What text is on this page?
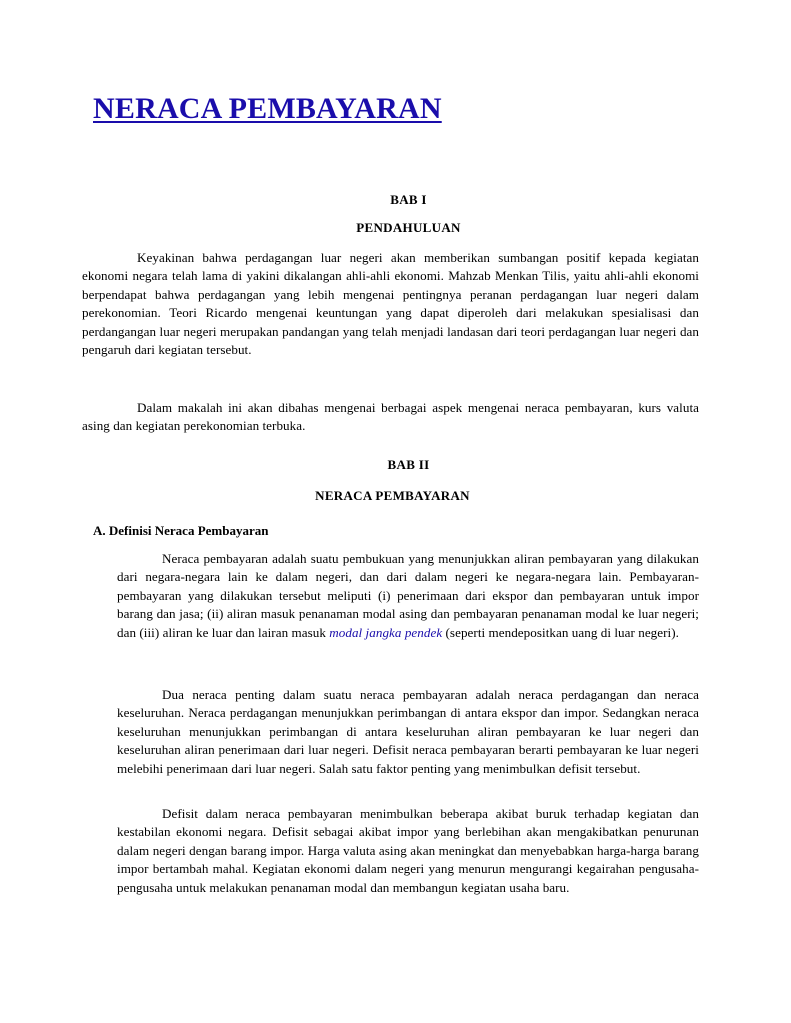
NERACA PEMBAYARAN
BAB I
PENDAHULUAN

Keyakinan bahwa perdagangan luar negeri akan memberikan sumbangan positif kepada kegiatan ekonomi negara telah lama di yakini dikalangan ahli-ahli ekonomi. Mahzab Menkan Tilis, yaitu ahli-ahli ekonomi berpendapat bahwa perdagangan yang lebih mengenai pentingnya peranan perdagangan luar negeri dalam perekonomian. Teori Ricardo mengenai keuntungan yang dapat diperoleh dari melakukan spesialisasi dan perdangangan luar negeri merupakan pandangan yang telah menjadi landasan dari teori perdagangan luar negeri dan pengaruh dari kegiatan tersebut.

Dalam makalah ini akan dibahas mengenai berbagai aspek mengenai neraca pembayaran, kurs valuta asing dan kegiatan perekonomian terbuka.

BAB II
NERACA PEMBAYARAN
A. Definisi Neraca Pembayaran

Neraca pembayaran adalah suatu pembukuan yang menunjukkan aliran pembayaran yang dilakukan dari negara-negara lain ke dalam negeri, dan dari dalam negeri ke negara-negara lain. Pembayaran-pembayaran yang dilakukan tersebut meliputi (i) penerimaan dari ekspor dan pembayaran untuk impor barang dan jasa; (ii) aliran masuk penanaman modal asing dan pembayaran penanaman modal ke luar negeri; dan (iii) aliran ke luar dan lairan masuk modal jangka pendek (seperti mendepositkan uang di luar negeri).

Dua neraca penting dalam suatu neraca pembayaran adalah neraca perdagangan dan neraca keseluruhan. Neraca perdagangan menunjukkan perimbangan di antara ekspor dan impor. Sedangkan neraca keseluruhan menunjukkan perimbangan di antara keseluruhan aliran pembayaran ke luar negeri dan keseluruhan aliran penerimaan dari luar negeri. Defisit neraca pembayaran berarti pembayaran ke luar negeri melebihi penerimaan dari luar negeri. Salah satu faktor penting yang menimbulkan defisit tersebut.

Defisit dalam neraca pembayaran menimbulkan beberapa akibat buruk terhadap kegiatan dan kestabilan ekonomi negara. Defisit sebagai akibat impor yang berlebihan akan mengakibatkan penurunan dalam negeri dengan barang impor. Harga valuta asing akan meningkat dan menyebabkan harga-harga barang impor bertambah mahal. Kegiatan ekonomi dalam negeri yang menurun mengurangi kegairahan pengusaha-pengusaha untuk melakukan penanaman modal dan membangun kegiatan usaha baru.
